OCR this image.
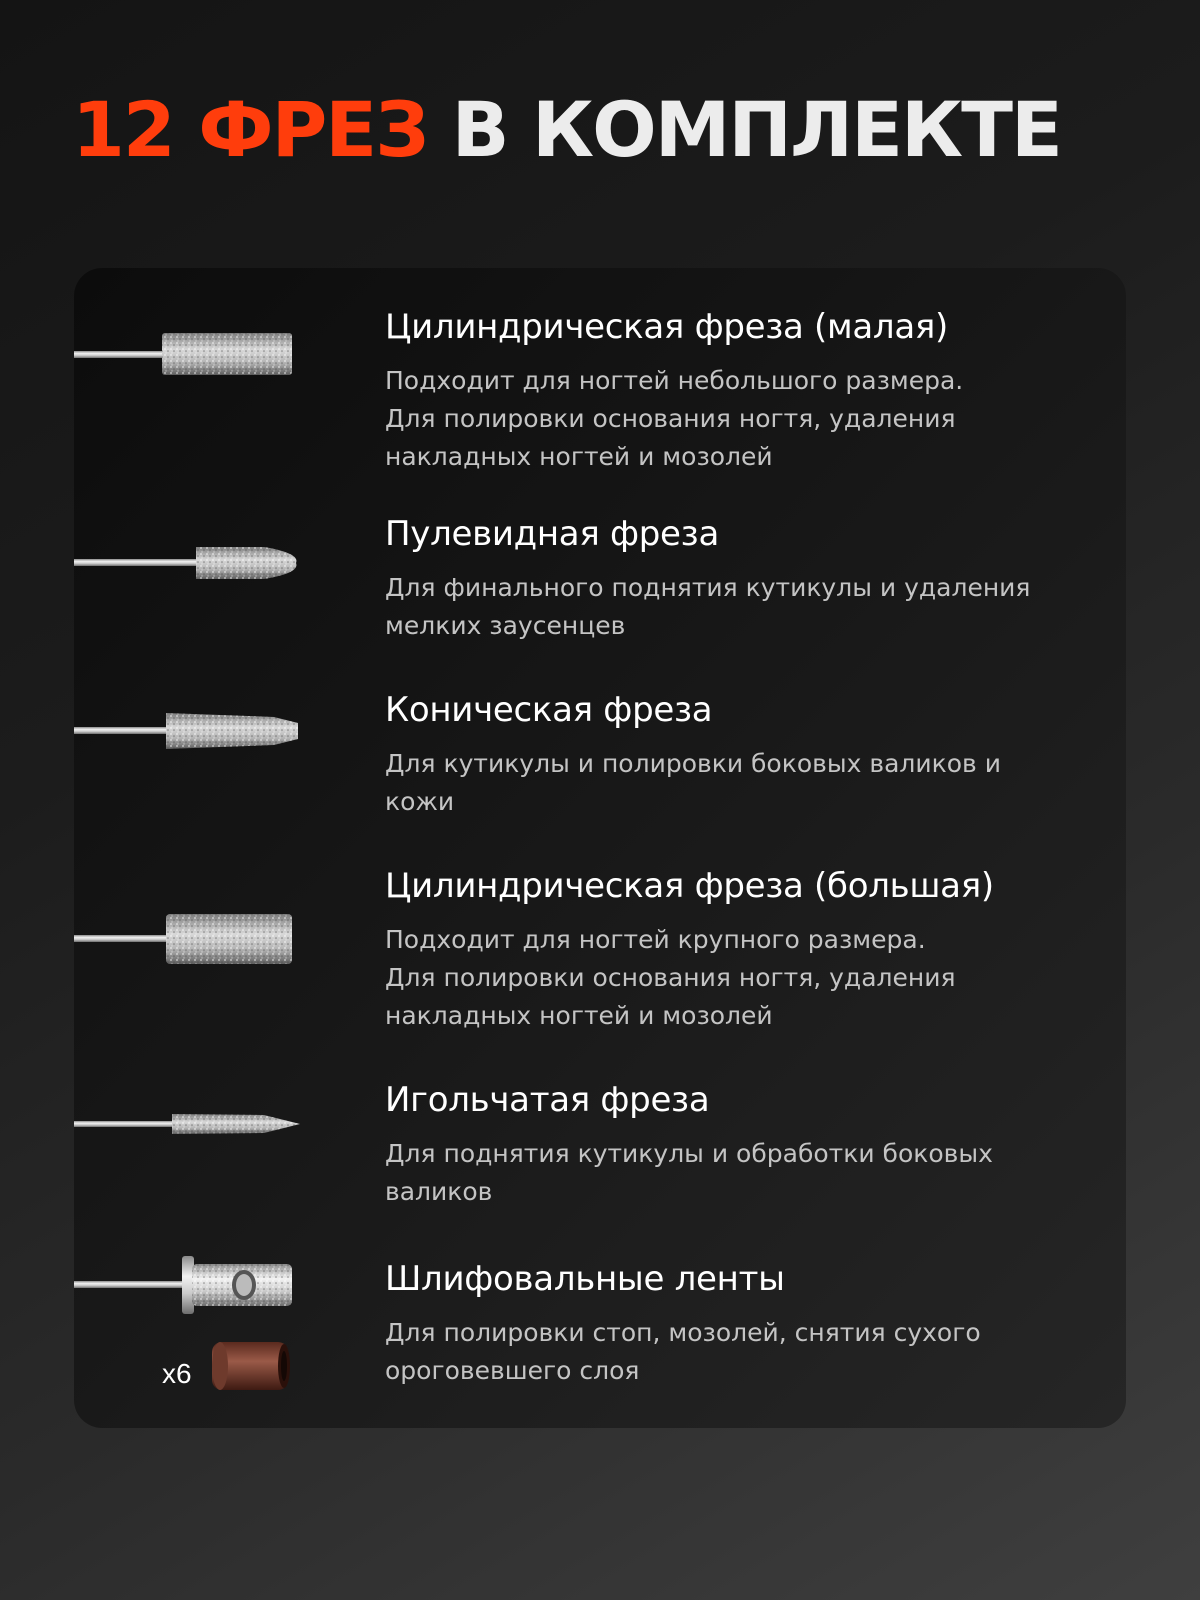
12 ФРЕЗ В КОМПЛЕКТЕ
Цилиндрическая фреза (малая)
Подходит для ногтей небольшого размера.
Для полировки основания ногтя, удаления
накладных ногтей и мозолей
Пулевидная фреза
Для финального поднятия кутикулы и удаления
мелких заусенцев
Коническая фреза
Для кутикулы и полировки боковых валиков и
кожи
Цилиндрическая фреза (большая)
Подходит для ногтей крупного размера.
Для полировки основания ногтя, удаления
накладных ногтей и мозолей
Игольчатая фреза
Для поднятия кутикулы и обработки боковых
валиков
x6
Шлифовальные ленты
Для полировки стоп, мозолей, снятия сухого
ороговевшего слоя
